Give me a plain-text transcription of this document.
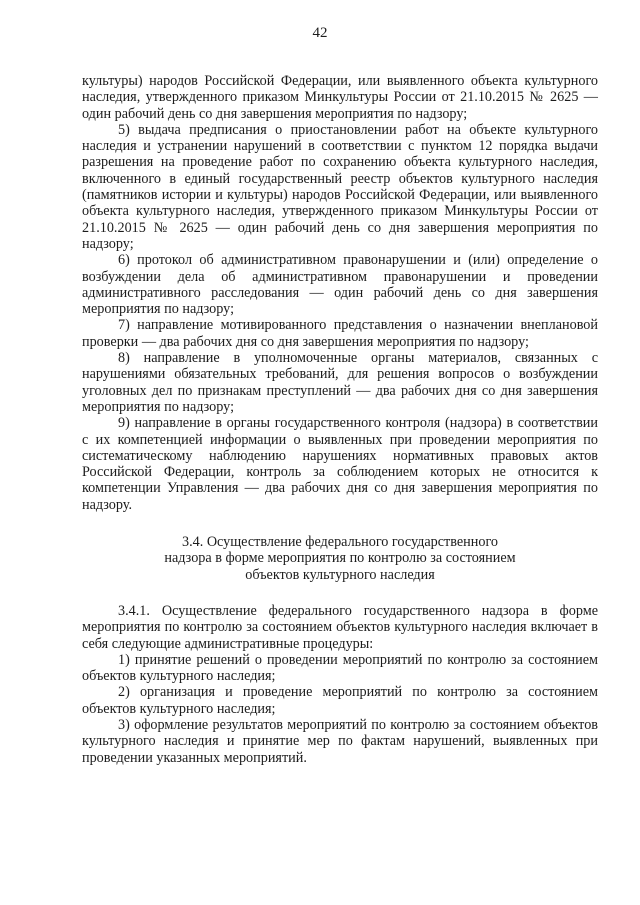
42

культуры) народов Российской Федерации, или выявленного объекта культурного наследия, утвержденного приказом Минкультуры России от 21.10.2015 № 2625 — один рабочий день со дня завершения мероприятия по надзору;

5) выдача предписания о приостановлении работ на объекте культурного наследия и устранении нарушений в соответствии с пунктом 12 порядка выдачи разрешения на проведение работ по сохранению объекта культурного наследия, включенного в единый государственный реестр объектов культурного наследия (памятников истории и культуры) народов Российской Федерации, или выявленного объекта культурного наследия, утвержденного приказом Минкультуры России от 21.10.2015 № 2625 — один рабочий день со дня завершения мероприятия по надзору;

6) протокол об административном правонарушении и (или) определение о возбуждении дела об административном правонарушении и проведении административного расследования — один рабочий день со дня завершения мероприятия по надзору;

7) направление мотивированного представления о назначении внеплановой проверки — два рабочих дня со дня завершения мероприятия по надзору;

8) направление в уполномоченные органы материалов, связанных с нарушениями обязательных требований, для решения вопросов о возбуждении уголовных дел по признакам преступлений — два рабочих дня со дня завершения мероприятия по надзору;

9) направление в органы государственного контроля (надзора) в соответствии с их компетенцией информации о выявленных при проведении мероприятия по систематическому наблюдению нарушениях нормативных правовых актов Российской Федерации, контроль за соблюдением которых не относится к компетенции Управления — два рабочих дня со дня завершения мероприятия по надзору.

3.4. Осуществление федерального государственного
надзора в форме мероприятия по контролю за состоянием
объектов культурного наследия

3.4.1. Осуществление федерального государственного надзора в форме мероприятия по контролю за состоянием объектов культурного наследия включает в себя следующие административные процедуры:

1) принятие решений о проведении мероприятий по контролю за состоянием объектов культурного наследия;

2) организация и проведение мероприятий по контролю за состоянием объектов культурного наследия;

3) оформление результатов мероприятий по контролю за состоянием объектов культурного наследия и принятие мер по фактам нарушений, выявленных при проведении указанных мероприятий.
